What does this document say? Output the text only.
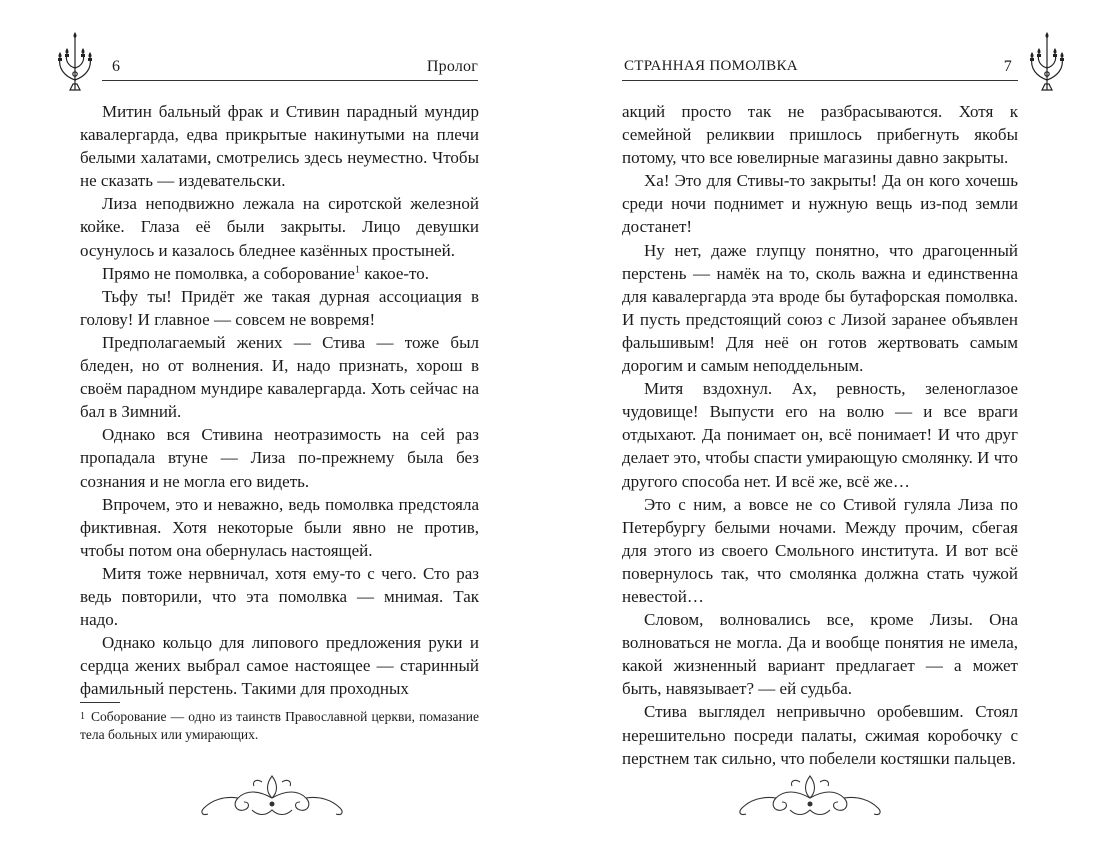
6	Пролог

Митин бальный фрак и Стивин парадный мундир кавалергарда, едва прикрытые накинутыми на плечи белыми халатами, смотрелись здесь неуместно. Чтобы не сказать — издевательски.

Лиза неподвижно лежала на сиротской железной койке. Глаза её были закрыты. Лицо девушки осунулось и казалось бледнее казённых простыней.

Прямо не помолвка, а соборование$^1$ какое-то.

Тьфу ты! Придёт же такая дурная ассоциация в голову! И главное — совсем не вовремя!

Предполагаемый жених — Стива — тоже был бледен, но от волнения. И, надо признать, хорош в своём парадном мундире кавалергарда. Хоть сейчас на бал в Зимний.

Однако вся Стивина неотразимость на сей раз пропадала втуне — Лиза по-прежнему была без сознания и не могла его видеть.

Впрочем, это и неважно, ведь помолвка предстояла фиктивная. Хотя некоторые были явно не против, чтобы потом она обернулась настоящей.

Митя тоже нервничал, хотя ему-то с чего. Сто раз ведь повторили, что эта помолвка — мнимая. Так надо.

Однако кольцо для липового предложения руки и сердца жених выбрал самое настоящее — старинный фамильный перстень. Такими для проходных

$^1$ Соборование — одно из таинств Православной церкви, помазание тела больных или умирающих.
СТРАННАЯ ПОМОЛВКА	7

акций просто так не разбрасываются. Хотя к семейной реликвии пришлось прибегнуть якобы потому, что все ювелирные магазины давно закрыты.

Ха! Это для Стивы-то закрыты! Да он кого хочешь среди ночи поднимет и нужную вещь из-под земли достанет!

Ну нет, даже глупцу понятно, что драгоценный перстень — намёк на то, сколь важна и единственна для кавалергарда эта вроде бы бутафорская помолвка. И пусть предстоящий союз с Лизой заранее объявлен фальшивым! Для неё он готов жертвовать самым дорогим и самым неподдельным.

Митя вздохнул. Ах, ревность, зеленоглазое чудовище! Выпусти его на волю — и все враги отдыхают. Да понимает он, всё понимает! И что друг делает это, чтобы спасти умирающую смолянку. И что другого способа нет. И всё же, всё же…

Это с ним, а вовсе не со Стивой гуляла Лиза по Петербургу белыми ночами. Между прочим, сбегая для этого из своего Смольного института. И вот всё повернулось так, что смолянка должна стать чужой невестой…

Словом, волновались все, кроме Лизы. Она волноваться не могла. Да и вообще понятия не имела, какой жизненный вариант предлагает — а может быть, навязывает? — ей судьба.

Стива выглядел непривычно оробевшим. Стоял нерешительно посреди палаты, сжимая коробочку с перстнем так сильно, что побелели костяшки пальцев.
